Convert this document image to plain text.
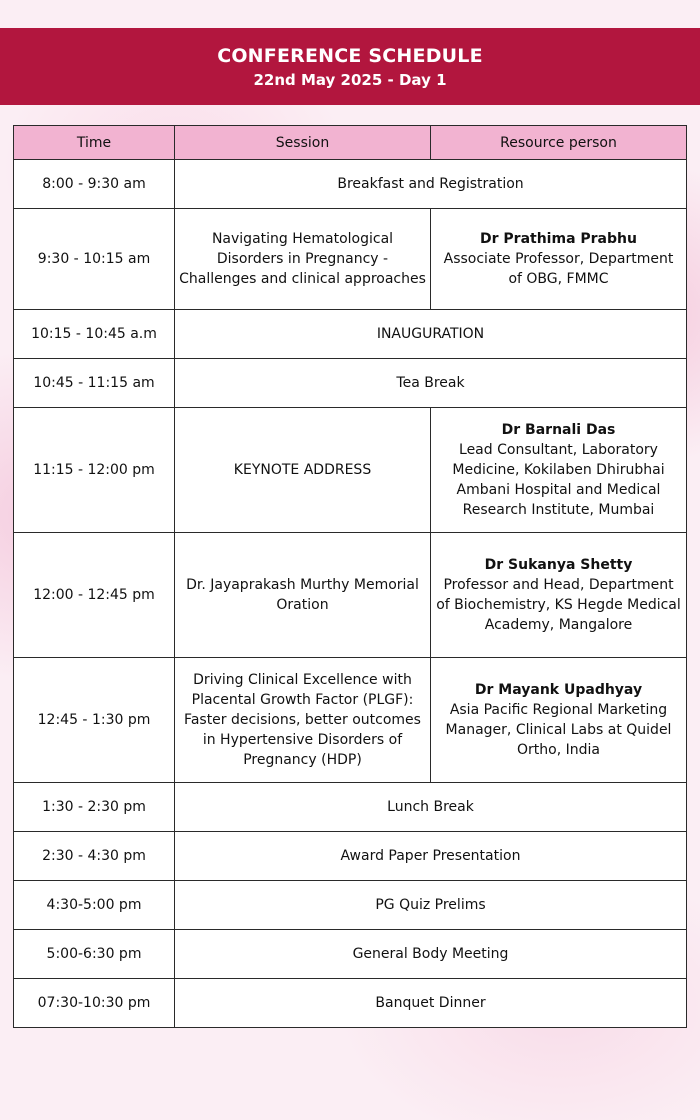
CONFERENCE SCHEDULE
22nd May 2025 - Day 1
Time	Session	Resource person
8:00 - 9:30 am	Breakfast and Registration	
9:30 - 10:15 am	Navigating Hematological Disorders in Pregnancy - Challenges and clinical approaches	Dr Prathima Prabhu
Associate Professor, Department of OBG, FMMC

10:15 - 10:45 a.m	INAUGURATION	
10:45 - 11:15 am	Tea Break	
11:15 - 12:00 pm	KEYNOTE ADDRESS	Dr Barnali Das
Lead Consultant, Laboratory Medicine, Kokilaben Dhirubhai Ambani Hospital and Medical Research Institute, Mumbai

12:00 - 12:45 pm	Dr. Jayaprakash Murthy Memorial Oration	Dr Sukanya Shetty
Professor and Head, Department of Biochemistry, KS Hegde Medical Academy, Mangalore

12:45 - 1:30 pm	Driving Clinical Excellence with Placental Growth Factor (PLGF): Faster decisions, better outcomes in Hypertensive Disorders of Pregnancy (HDP)	Dr Mayank Upadhyay
Asia Pacific Regional Marketing Manager, Clinical Labs at Quidel Ortho, India

1:30 - 2:30 pm	Lunch Break	
2:30 - 4:30 pm	Award Paper Presentation	
4:30-5:00 pm	PG Quiz Prelims	
5:00-6:30 pm	General Body Meeting	
07:30-10:30 pm	Banquet Dinner	
